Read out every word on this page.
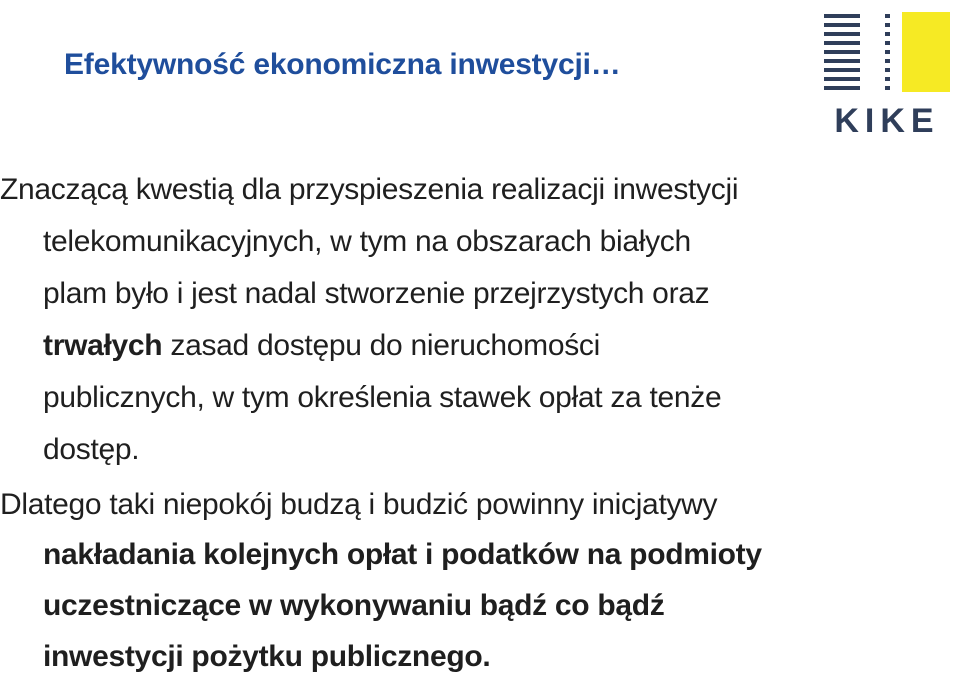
Efektywność ekonomiczna inwestycji…
KIKE

Znaczącą kwestią dla przyspieszenia realizacji inwestycji

telekomunikacyjnych, w tym na obszarach białych

plam było i jest nadal stworzenie przejrzystych oraz

trwałych zasad dostępu do nieruchomości

publicznych, w tym określenia stawek opłat za tenże

dostęp.

Dlatego taki niepokój budzą i budzić powinny inicjatywy

nakładania kolejnych opłat i podatków na podmioty

uczestniczące w wykonywaniu bądź co bądź

inwestycji pożytku publicznego.
